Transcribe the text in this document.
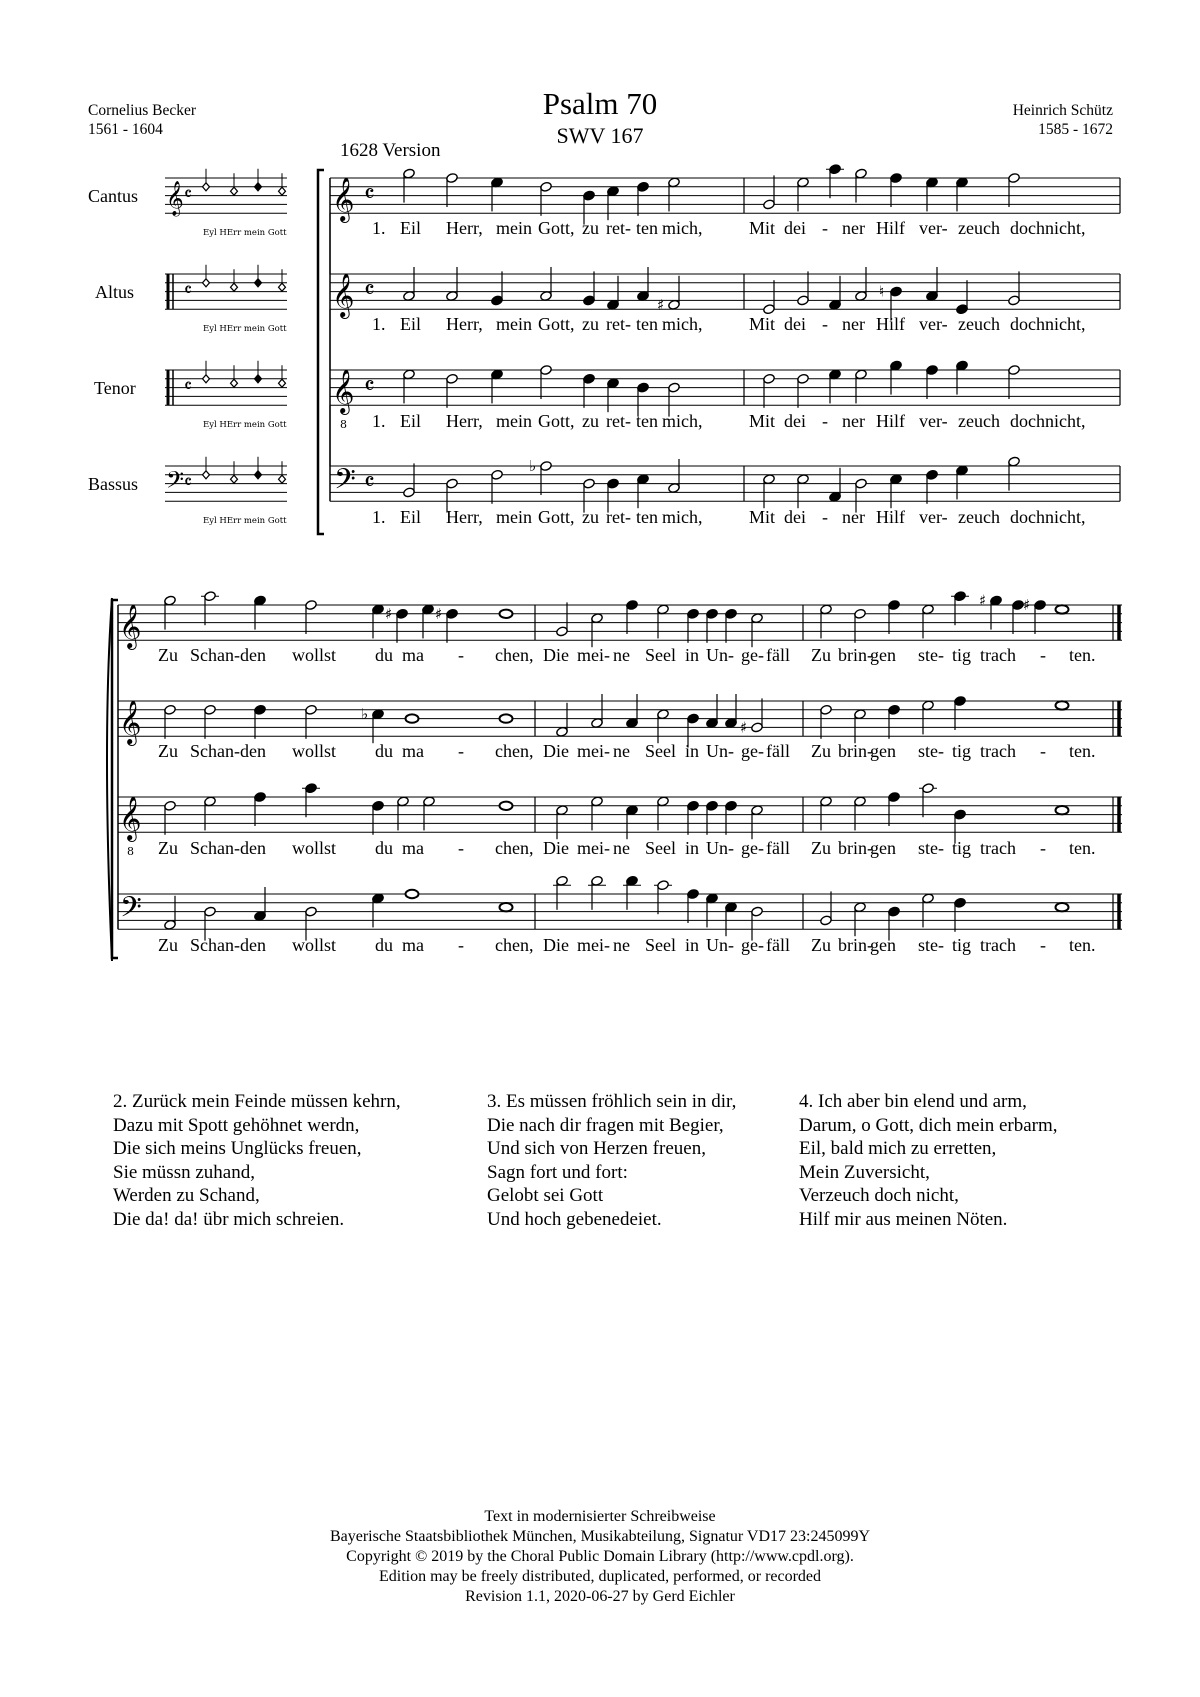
Psalm 70
SWV 167
Cornelius Becker
1561 - 1604
Heinrich Schütz
1585 - 1672
1628 Version
𝄞 𝄴
𝄴
𝄴
𝄢 𝄴
𝄞 𝄴
𝄞 𝄴
𝄞
8
𝄴
𝄢 𝄴
♯
♮
♭
𝄞
𝄞
𝄞
8
𝄢
♯	♯
♯ ♯
♭
♯
Cantus
Altus
Tenor
Bassus
Eyl HErr mein Gott
Eyl HErr mein Gott
Eyl HErr mein Gott
Eyl HErr mein Gott
1. Eil Herr, mein Gott, zu ret- ten mich,
1. Eil Herr, mein Gott, zu ret- ten mich,
1. Eil Herr, mein Gott, zu ret- ten mich,
1. Eil Herr, mein Gott, zu ret- ten mich,
Mit dei - ner Hilf ver- zeuch doch nicht,
Mit dei - ner Hilf ver- zeuch doch nicht,
Mit dei - ner Hilf ver- zeuch doch nicht,
Mit dei - ner Hilf ver- zeuch doch nicht,
Zu Schan- den wollst du ma - chen,
Zu Schan- den wollst du ma - chen,
Zu Schan- den wollst du ma - chen,
Zu Schan- den wollst du ma - chen,
Die mei- ne Seel in Un- ge- fäll
Die mei- ne Seel in Un- ge- fäll
Die mei- ne Seel in Un- ge- fäll
Die mei- ne Seel in Un- ge- fäll
Zu brin-
gen ste- tig trach - ten.
Zu brin-
gen ste- tig trach - ten.
Zu brin-
gen ste- tig trach - ten.
Zu brin-
gen ste- tig trach - ten.
2. Zurück mein Feinde müssen kehrn,
Dazu mit Spott gehöhnet werdn,
Die sich meins Unglücks freuen,
Sie müssn zuhand,
Werden zu Schand,
Die da! da! übr mich schreien.
3. Es müssen fröhlich sein in dir,
Die nach dir fragen mit Begier,
Und sich von Herzen freuen,
Sagn fort und fort:
Gelobt sei Gott
Und hoch gebenedeiet.
4. Ich aber bin elend und arm,
Darum, o Gott, dich mein erbarm,
Eil, bald mich zu erretten,
Mein Zuversicht,
Verzeuch doch nicht,
Hilf mir aus meinen Nöten.
Text in modernisierter Schreibweise
Bayerische Staatsbibliothek München, Musikabteilung, Signatur VD17 23:245099Y
Copyright © 2019 by the Choral Public Domain Library (http://www.cpdl.org).
Edition may be freely distributed, duplicated, performed, or recorded
Revision 1.1, 2020-06-27 by Gerd Eichler
